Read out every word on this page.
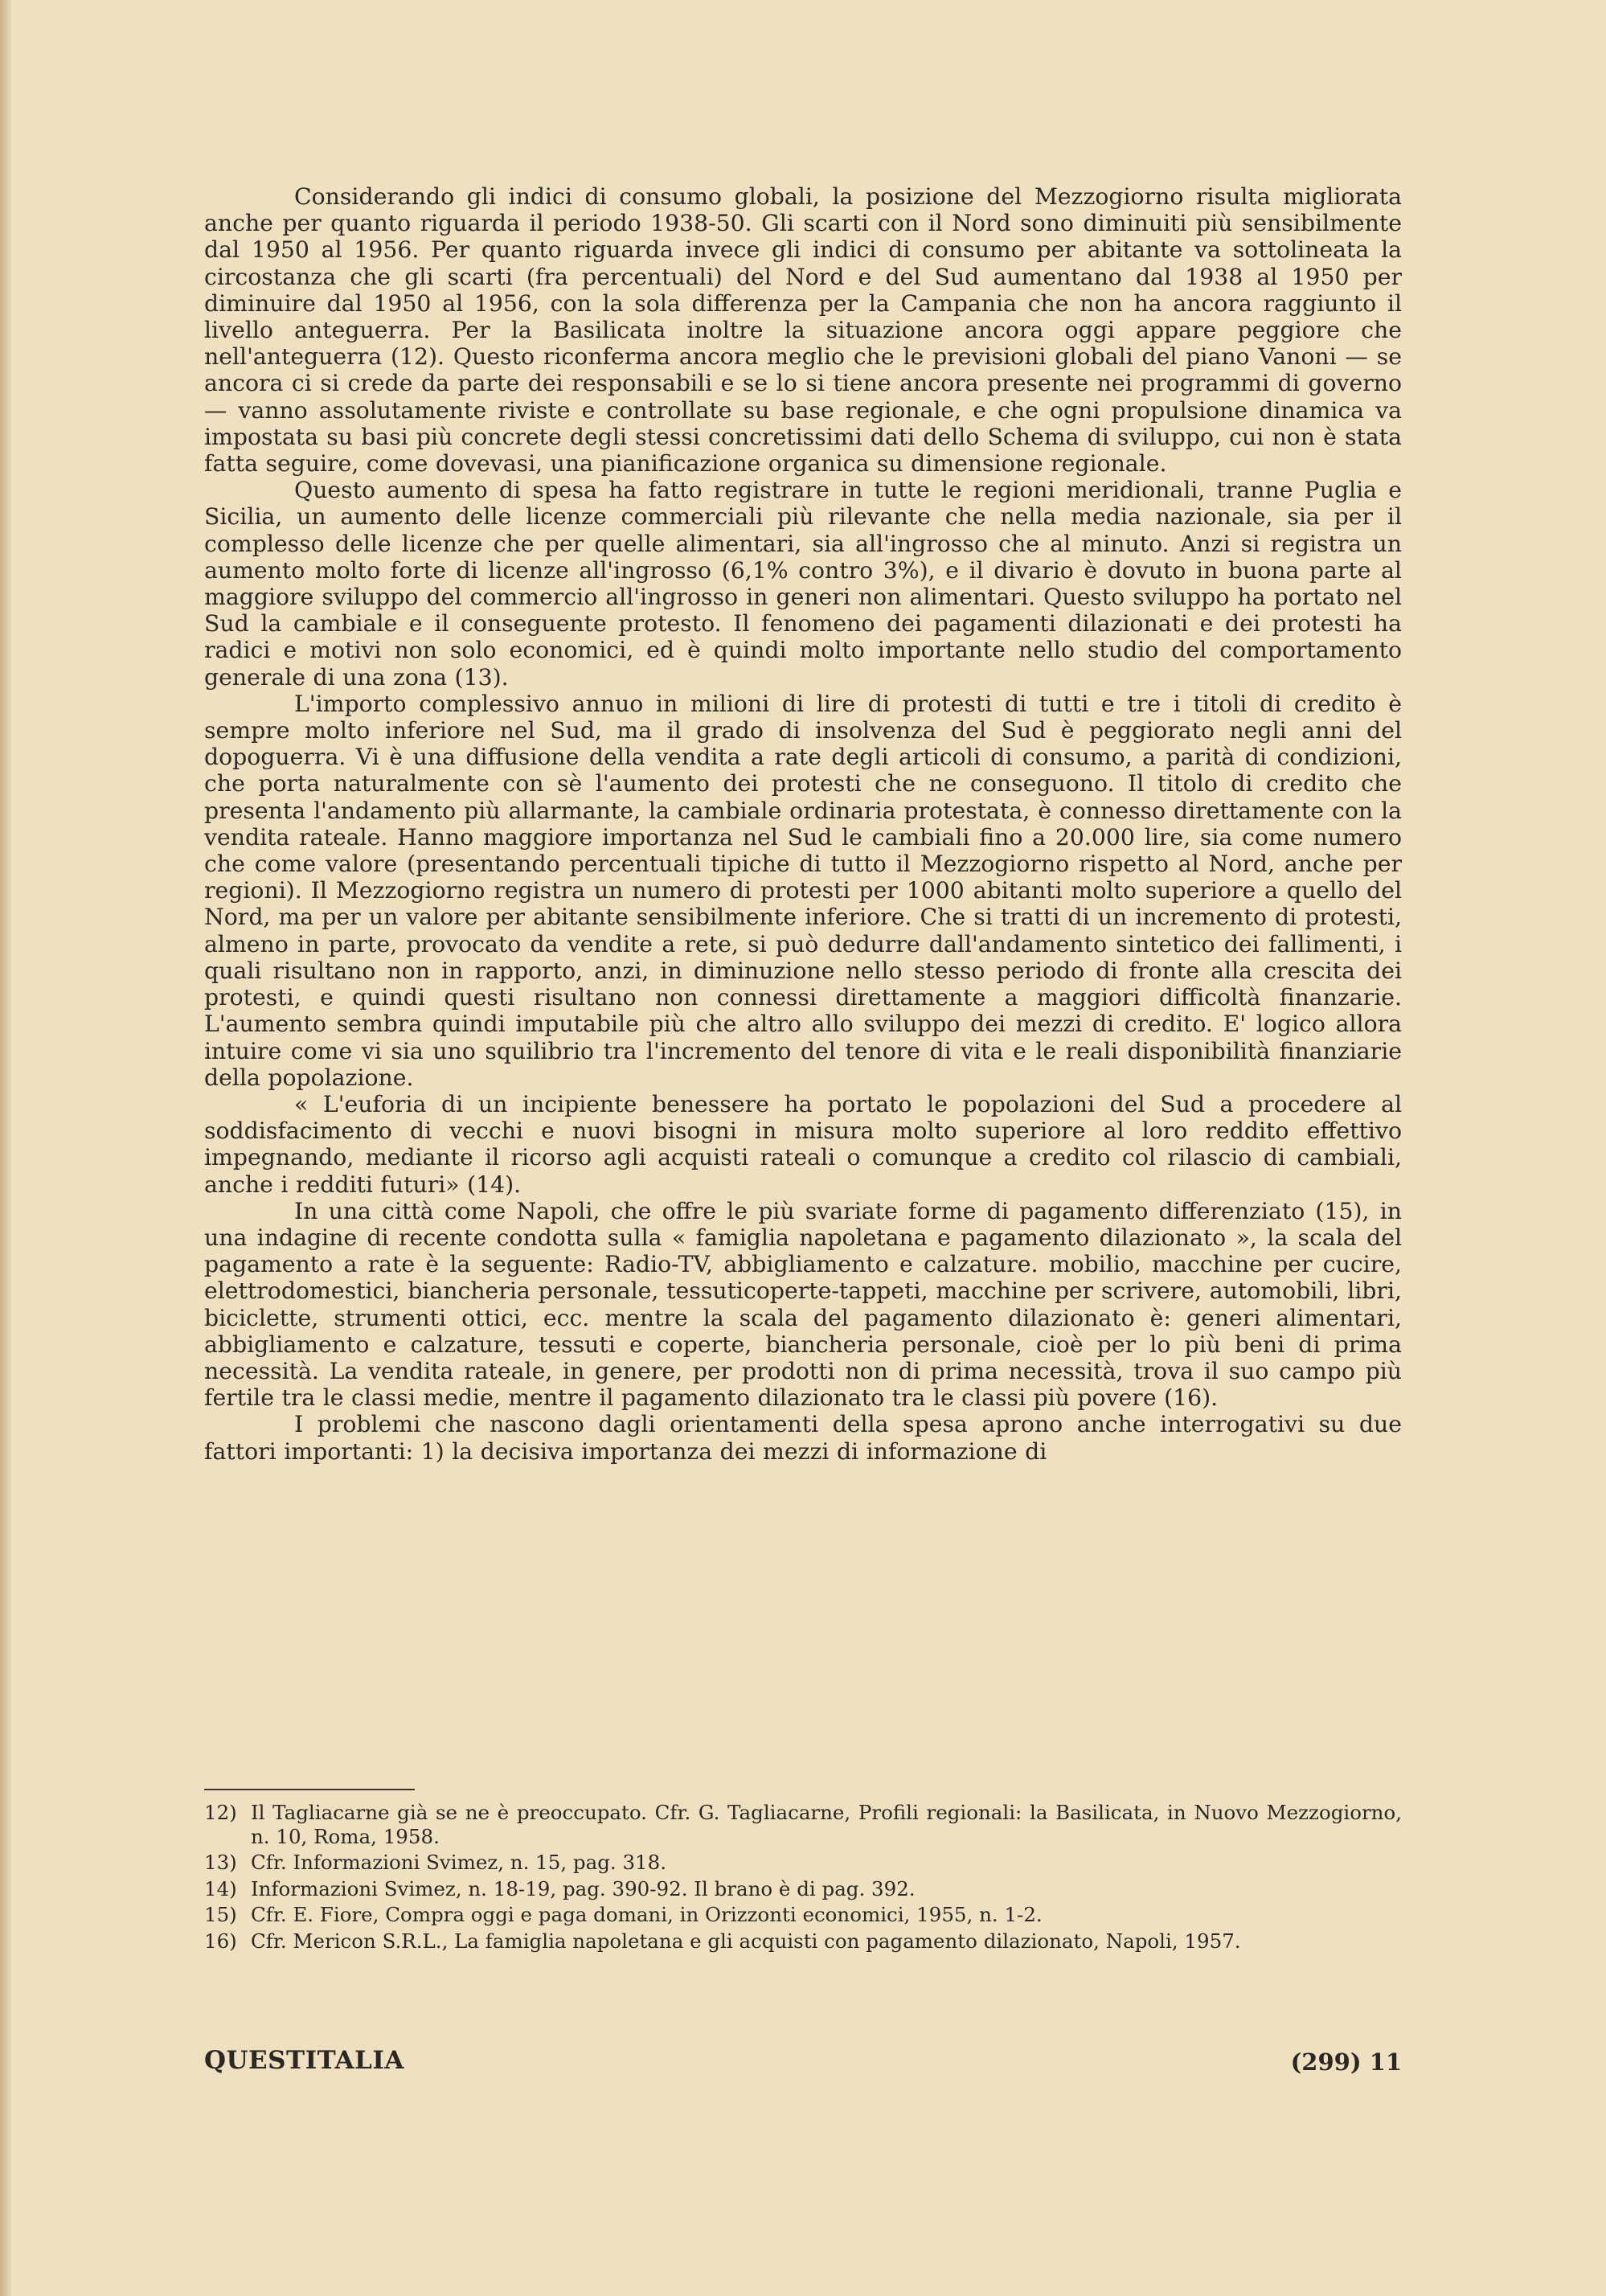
Considerando gli indici di consumo globali, la posizione del Mezzogiorno risulta migliorata anche per quanto riguarda il periodo 1938-50. Gli scarti con il Nord sono diminuiti più sensibilmente dal 1950 al 1956. Per quanto riguarda invece gli indici di consumo per abitante va sottolineata la circostanza che gli scarti (fra percentuali) del Nord e del Sud aumentano dal 1938 al 1950 per diminuire dal 1950 al 1956, con la sola differenza per la Campania che non ha ancora raggiunto il livello anteguerra. Per la Basilicata inoltre la situazione ancora oggi appare peggiore che nell'anteguerra (12). Questo riconferma ancora meglio che le previsioni globali del piano Vanoni — se ancora ci si crede da parte dei responsabili e se lo si tiene ancora presente nei programmi di governo — vanno assolutamente riviste e controllate su base regionale, e che ogni propulsione dinamica va impostata su basi più concrete degli stessi concretissimi dati dello Schema di sviluppo, cui non è stata fatta seguire, come dovevasi, una pianificazione organica su dimensione regionale.

Questo aumento di spesa ha fatto registrare in tutte le regioni meridionali, tranne Puglia e Sicilia, un aumento delle licenze commerciali più rilevante che nella media nazionale, sia per il complesso delle licenze che per quelle alimentari, sia all'ingrosso che al minuto. Anzi si registra un aumento molto forte di licenze all'ingrosso (6,1% contro 3%), e il divario è dovuto in buona parte al maggiore sviluppo del commercio all'ingrosso in generi non alimentari. Questo sviluppo ha portato nel Sud la cambiale e il conseguente protesto. Il fenomeno dei pagamenti dilazionati e dei protesti ha radici e motivi non solo economici, ed è quindi molto importante nello studio del comportamento generale di una zona (13).

L'importo complessivo annuo in milioni di lire di protesti di tutti e tre i titoli di credito è sempre molto inferiore nel Sud, ma il grado di insolvenza del Sud è peggiorato negli anni del dopoguerra. Vi è una diffusione della vendita a rate degli articoli di consumo, a parità di condizioni, che porta naturalmente con sè l'aumento dei protesti che ne conseguono. Il titolo di credito che presenta l'andamento più allarmante, la cambiale ordinaria protestata, è connesso direttamente con la vendita rateale. Hanno maggiore importanza nel Sud le cambiali fino a 20.000 lire, sia come numero che come valore (presentando percentuali tipiche di tutto il Mezzogiorno rispetto al Nord, anche per regioni). Il Mezzogiorno registra un numero di protesti per 1000 abitanti molto superiore a quello del Nord, ma per un valore per abitante sensibilmente inferiore. Che si tratti di un incremento di protesti, almeno in parte, provocato da vendite a rete, si può dedurre dall'andamento sintetico dei fallimenti, i quali risultano non in rapporto, anzi, in diminuzione nello stesso periodo di fronte alla crescita dei protesti, e quindi questi risultano non connessi direttamente a maggiori difficoltà finanzarie. L'aumento sembra quindi imputabile più che altro allo sviluppo dei mezzi di credito. E' logico allora intuire come vi sia uno squilibrio tra l'incremento del tenore di vita e le reali disponibilità finanziarie della popolazione.

« L'euforia di un incipiente benessere ha portato le popolazioni del Sud a procedere al soddisfacimento di vecchi e nuovi bisogni in misura molto superiore al loro reddito effettivo impegnando, mediante il ricorso agli acquisti rateali o comunque a credito col rilascio di cambiali, anche i redditi futuri» (14).

In una città come Napoli, che offre le più svariate forme di pagamento differenziato (15), in una indagine di recente condotta sulla « famiglia napoletana e pagamento dilazionato », la scala del pagamento a rate è la seguente: Radio-TV, abbigliamento e calzature. mobilio, macchine per cucire, elettrodomestici, biancheria personale, tessuticoperte-tappeti, macchine per scrivere, automobili, libri, biciclette, strumenti ottici, ecc. mentre la scala del pagamento dilazionato è: generi alimentari, abbigliamento e calzature, tessuti e coperte, biancheria personale, cioè per lo più beni di prima necessità. La vendita rateale, in genere, per prodotti non di prima necessità, trova il suo campo più fertile tra le classi medie, mentre il pagamento dilazionato tra le classi più povere (16).

I problemi che nascono dagli orientamenti della spesa aprono anche interrogativi su due fattori importanti: 1) la decisiva importanza dei mezzi di informazione di

12) Il Tagliacarne già se ne è preoccupato. Cfr. G. Tagliacarne, Profili regionali: la Basilicata, in Nuovo Mezzogiorno, n. 10, Roma, 1958.
13) Cfr. Informazioni Svimez, n. 15, pag. 318.
14) Informazioni Svimez, n. 18-19, pag. 390-92. Il brano è di pag. 392.
15) Cfr. E. Fiore, Compra oggi e paga domani, in Orizzonti economici, 1955, n. 1-2.
16) Cfr. Mericon S.R.L., La famiglia napoletana e gli acquisti con pagamento dilazionato, Napoli, 1957.
QUESTITALIA	(299) 11
